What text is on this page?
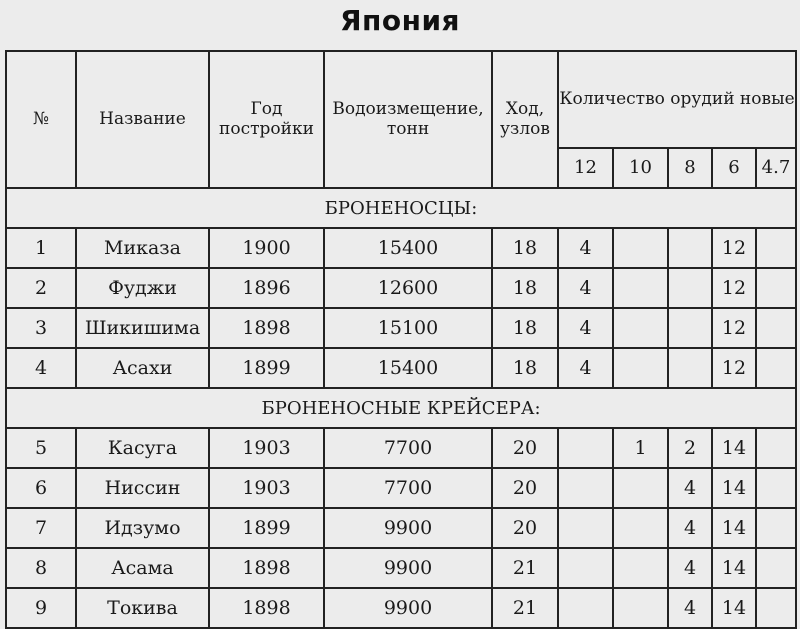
Япония
№	Название	Год постройки	Водоизмещение, тонн	Ход, узлов	Количество орудий новые				
					12	10	8	6	4.7
БРОНЕНОСЦЫ:									
1	Миказа	1900	15400	18	4			12	
2	Фуджи	1896	12600	18	4			12	
3	Шикишима	1898	15100	18	4			12	
4	Асахи	1899	15400	18	4			12	
БРОНЕНОСНЫЕ КРЕЙСЕРА:									
5	Касуга	1903	7700	20		1	2	14	
6	Ниссин	1903	7700	20			4	14	
7	Идзумо	1899	9900	20			4	14	
8	Асама	1898	9900	21			4	14	
9	Токива	1898	9900	21			4	14	
